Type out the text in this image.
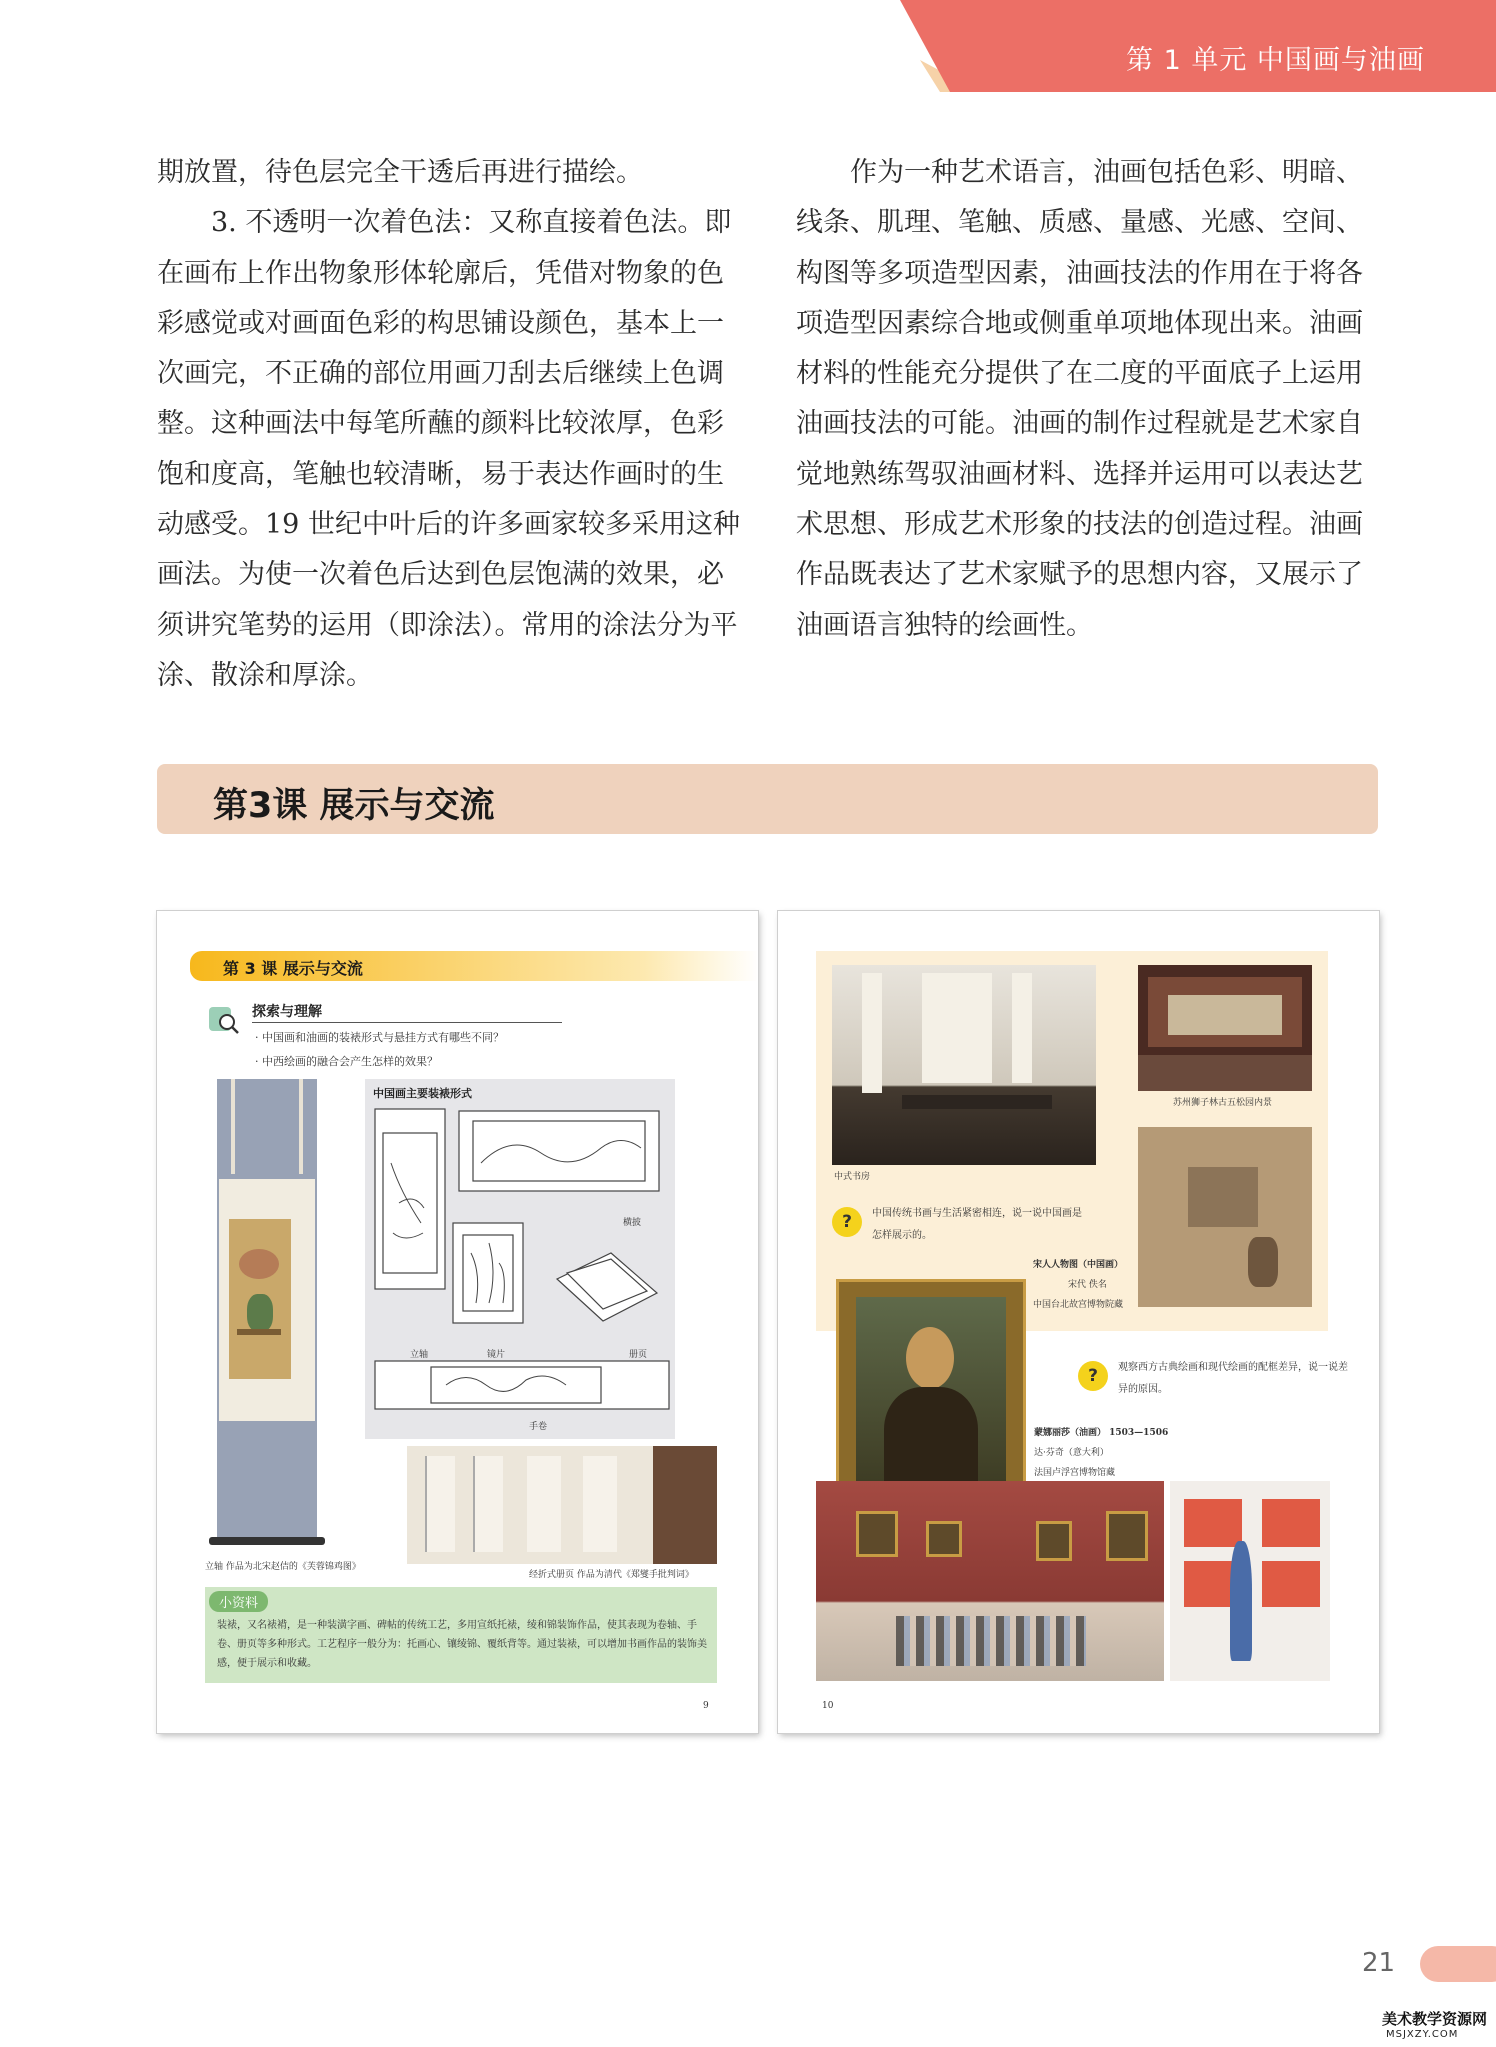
第 1 单元 中国画与油画

期放置，待色层完全干透后再进行描绘。

3. 不透明一次着色法：又称直接着色法。即在画布上作出物象形体轮廓后，凭借对物象的色彩感觉或对画面色彩的构思铺设颜色，基本上一次画完，不正确的部位用画刀刮去后继续上色调整。这种画法中每笔所蘸的颜料比较浓厚，色彩饱和度高，笔触也较清晰，易于表达作画时的生动感受。19 世纪中叶后的许多画家较多采用这种画法。为使一次着色后达到色层饱满的效果，必须讲究笔势的运用（即涂法）。常用的涂法分为平涂、散涂和厚涂。

作为一种艺术语言，油画包括色彩、明暗、线条、肌理、笔触、质感、量感、光感、空间、构图等多项造型因素，油画技法的作用在于将各项造型因素综合地或侧重单项地体现出来。油画材料的性能充分提供了在二度的平面底子上运用油画技法的可能。油画的制作过程就是艺术家自觉地熟练驾驭油画材料、选择并运用可以表达艺术思想、形成艺术形象的技法的创造过程。油画作品既表达了艺术家赋予的思想内容，又展示了油画语言独特的绘画性。

第3课 展示与交流
第 3 课 展示与交流
探索与理解
· 中国画和油画的装裱形式与悬挂方式有哪些不同？
· 中西绘画的融合会产生怎样的效果？
中国画主要装裱形式
横披
立轴	镜片	册页
手卷
立轴 作品为北宋赵佶的《芙蓉锦鸡图》
经折式册页 作品为清代《郑燮手批判词》
小资料
装裱，又名裱褙，是一种装潢字画、碑帖的传统工艺，多用宣纸托裱，绫和锦装饰作品，使其表现为卷轴、手卷、册页等多种形式。工艺程序一般分为：托画心、镶绫锦、覆纸背等。通过装裱，可以增加书画作品的装饰美感，便于展示和收藏。
9
中式书房
苏州狮子林古五松园内景
?	中国传统书画与生活紧密相连，说一说中国画是怎样展示的。
宋人人物图（中国画）
宋代 佚名
中国台北故宫博物院藏
?	观察西方古典绘画和现代绘画的配框差异，说一说差异的原因。
蒙娜丽莎（油画） 1503—1506
达·芬奇（意大利）
法国卢浮宫博物馆藏
10
21
美术教学资源网
MSJXZY.COM
